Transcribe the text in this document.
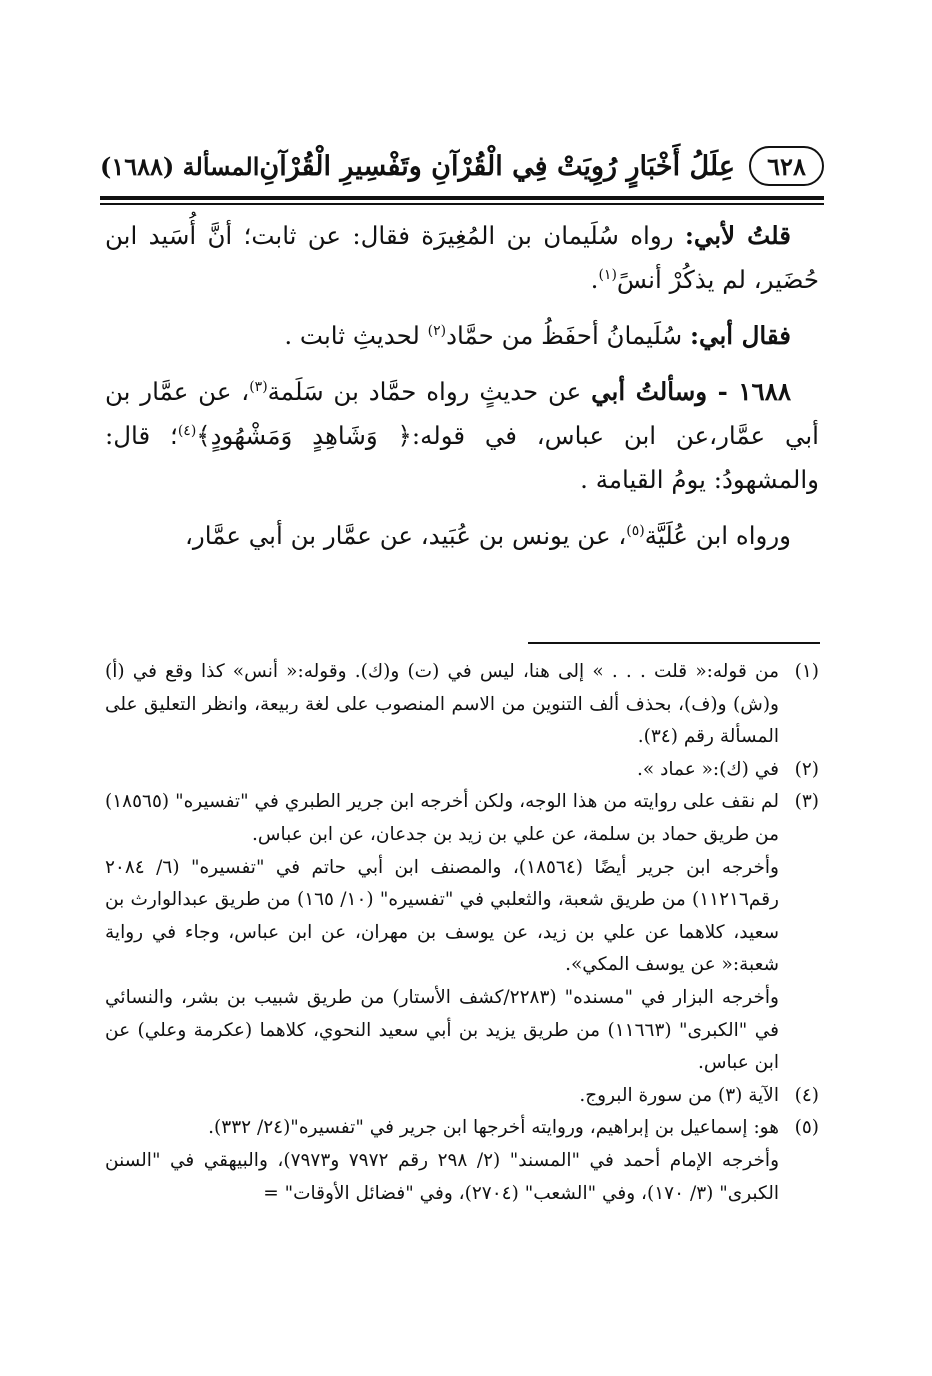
٦٢٨
عِلَلُ أَخْبَارٍ رُوِيَتْ فِي الْقُرْآنِ وتَفْسِيرِ الْقُرْآنِ
المسألة (١٦٨٨)

قلتُ لأبي: رواه سُلَيمان بن المُغِيرَة فقال: عن ثابت؛ أنَّ أُسَيد ابن حُضَير، لم يذكُرْ أنسً$^{(١)}$.

فقال أبي: سُلَيمانُ أحفَظُ من حمَّاد$^{(٢)}$ لحديثِ ثابت .

١٦٨٨ - وسألتُ أبي عن حديثٍ رواه حمَّاد بن سَلَمة$^{(٣)}$، عن عمَّار بن أبي عمَّار،عن ابن عباس، في قوله:﴿ وَشَاهِدٍ وَمَشْهُودٍ﴾$^{(٤)}$؛ قال: والمشهودُ: يومُ القيامة .

ورواه ابن عُلَيَّة$^{(٥)}$، عن يونس بن عُبَيد، عن عمَّار بن أبي عمَّار،

(١)
من قوله:« قلت . . . » إلى هنا، ليس في (ت) و(ك). وقوله:« أنس» كذا وقع في (أ) و(ش) و(ف)، بحذف ألف التنوين من الاسم المنصوب على لغة ربيعة، وانظر التعليق على المسألة رقم (٣٤).
(٢)
في (ك):« عماد ».
(٣)
لم نقف على روايته من هذا الوجه، ولكن أخرجه ابن جرير الطبري في "تفسيره" (١٨٥٦٥) من طريق حماد بن سلمة، عن علي بن زيد بن جدعان، عن ابن عباس.
وأخرجه ابن جرير أيضًا (١٨٥٦٤)، والمصنف ابن أبي حاتم في "تفسيره" (٦/ ٢٠٨٤ رقم١١٢١٦) من طريق شعبة، والثعلبي في "تفسيره" (١٠/ ١٦٥) من طريق عبدالوارث بن سعيد، كلاهما عن علي بن زيد، عن يوسف بن مهران، عن ابن عباس، وجاء في رواية شعبة:« عن يوسف المكي».
وأخرجه البزار في "مسنده" (٢٢٨٣/كشف الأستار) من طريق شبيب بن بشر، والنسائي في "الكبرى" (١١٦٦٣) من طريق يزيد بن أبي سعيد النحوي، كلاهما (عكرمة وعلي) عن ابن عباس.
(٤)
الآية (٣) من سورة البروج.
(٥)
هو: إسماعيل بن إبراهيم، وروايته أخرجها ابن جرير في "تفسيره"(٢٤/ ٣٣٢).
وأخرجه الإمام أحمد في "المسند" (٢/ ٢٩٨ رقم ٧٩٧٢ و٧٩٧٣)، والبيهقي في "السنن الكبرى" (٣/ ١٧٠)، وفي "الشعب" (٢٧٠٤)، وفي "فضائل الأوقات" =
